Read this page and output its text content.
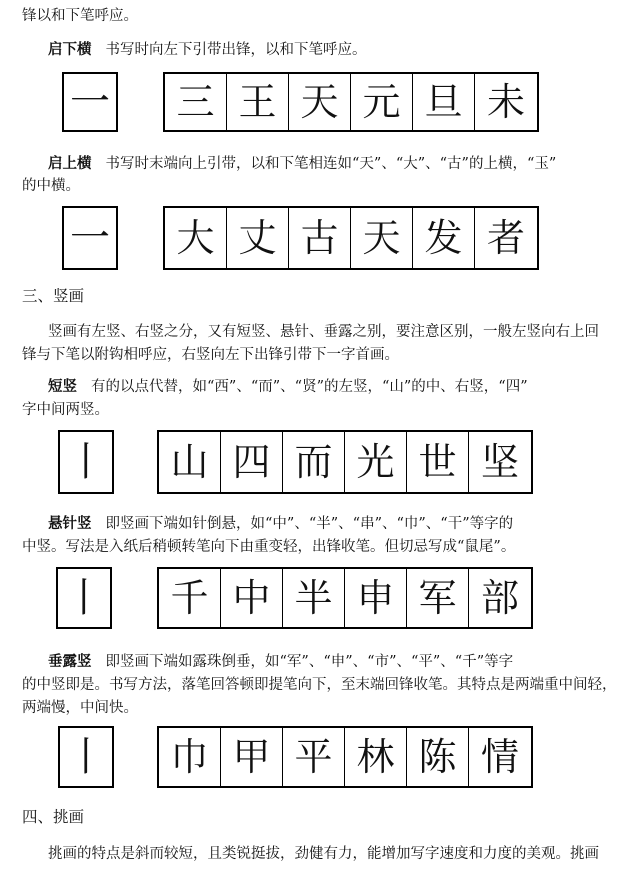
锋以和下笔呼应。
启下横 书写时向左下引带出锋，以和下笔呼应。
一	三 王 天 元 旦 未
启上横 书写时末端向上引带，以和下笔相连如“天”、“大”、“古”的上横，“玉”
的中横。
一	大 丈 古 天 发 者
三、竖画
竖画有左竖、右竖之分，又有短竖、悬针、垂露之别，要注意区别，一般左竖向右上回
锋与下笔以附钩相呼应，右竖向左下出锋引带下一字首画。
短竖 有的以点代替，如“西”、“而”、“贤”的左竖，“山”的中、右竖，“四”
字中间两竖。
丨	山 四 而 光 世 坚
悬针竖 即竖画下端如针倒悬，如“中”、“半”、“串”、“巾”、“干”等字的
中竖。写法是入纸后稍顿转笔向下由重变轻，出锋收笔。但切忌写成“鼠尾”。
丨	千 中 半 申 军 部
垂露竖 即竖画下端如露珠倒垂，如“军”、“申”、“市”、“平”、“千”等字
的中竖即是。书写方法，落笔回答顿即提笔向下，至末端回锋收笔。其特点是两端重中间轻，
两端慢，中间快。
丨	巾 甲 平 林 陈 情
四、挑画
挑画的特点是斜而较短，且类锐挺拔，劲健有力，能增加写字速度和力度的美观。挑画
